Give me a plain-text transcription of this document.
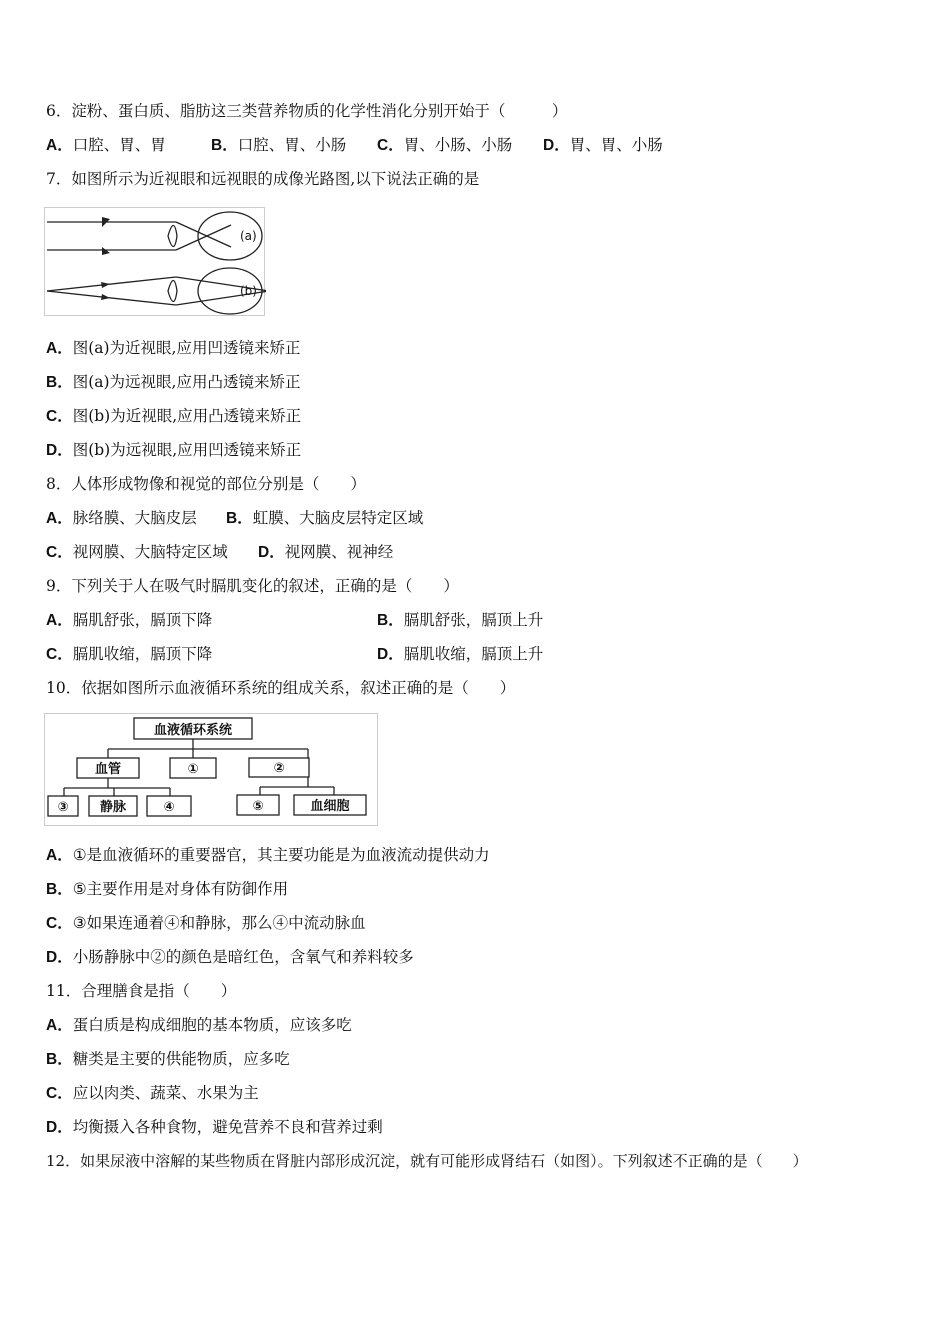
6．淀粉、蛋白质、脂肪这三类营养物质的化学性消化分别开始于（　　　）
A．口腔、胃、胃	B．口腔、胃、小肠 C．胃、小肠、小肠 D．胃、胃、小肠
7．如图所示为近视眼和远视眼的成像光路图,以下说法正确的是
(a)
(b)
A．图(a)为近视眼,应用凹透镜来矫正
B．图(a)为远视眼,应用凸透镜来矫正
C．图(b)为近视眼,应用凸透镜来矫正
D．图(b)为远视眼,应用凹透镜来矫正
8．人体形成物像和视觉的部位分别是（　　）
A．脉络膜、大脑皮层 B．虹膜、大脑皮层特定区域
C．视网膜、大脑特定区域 D．视网膜、视神经
9．下列关于人在吸气时膈肌变化的叙述，正确的是（　　）
A．膈肌舒张，膈顶下降	B．膈肌舒张，膈顶上升
C．膈肌收缩，膈顶下降	D．膈肌收缩，膈顶上升
10．依据如图所示血液循环系统的组成关系，叙述正确的是（　　）
血液循环系统
血管	①	②
③ 静脉	④	⑤	血细胞
A．①是血液循环的重要器官，其主要功能是为血液流动提供动力
B．⑤主要作用是对身体有防御作用
C．③如果连通着④和静脉，那么④中流动脉血
D．小肠静脉中②的颜色是暗红色，含氧气和养料较多
11．合理膳食是指（　　）
A．蛋白质是构成细胞的基本物质，应该多吃
B．糖类是主要的供能物质，应多吃
C．应以肉类、蔬菜、水果为主
D．均衡摄入各种食物，避免营养不良和营养过剩
12．如果尿液中溶解的某些物质在肾脏内部形成沉淀，就有可能形成肾结石（如图）。下列叙述不正确的是（　　）
